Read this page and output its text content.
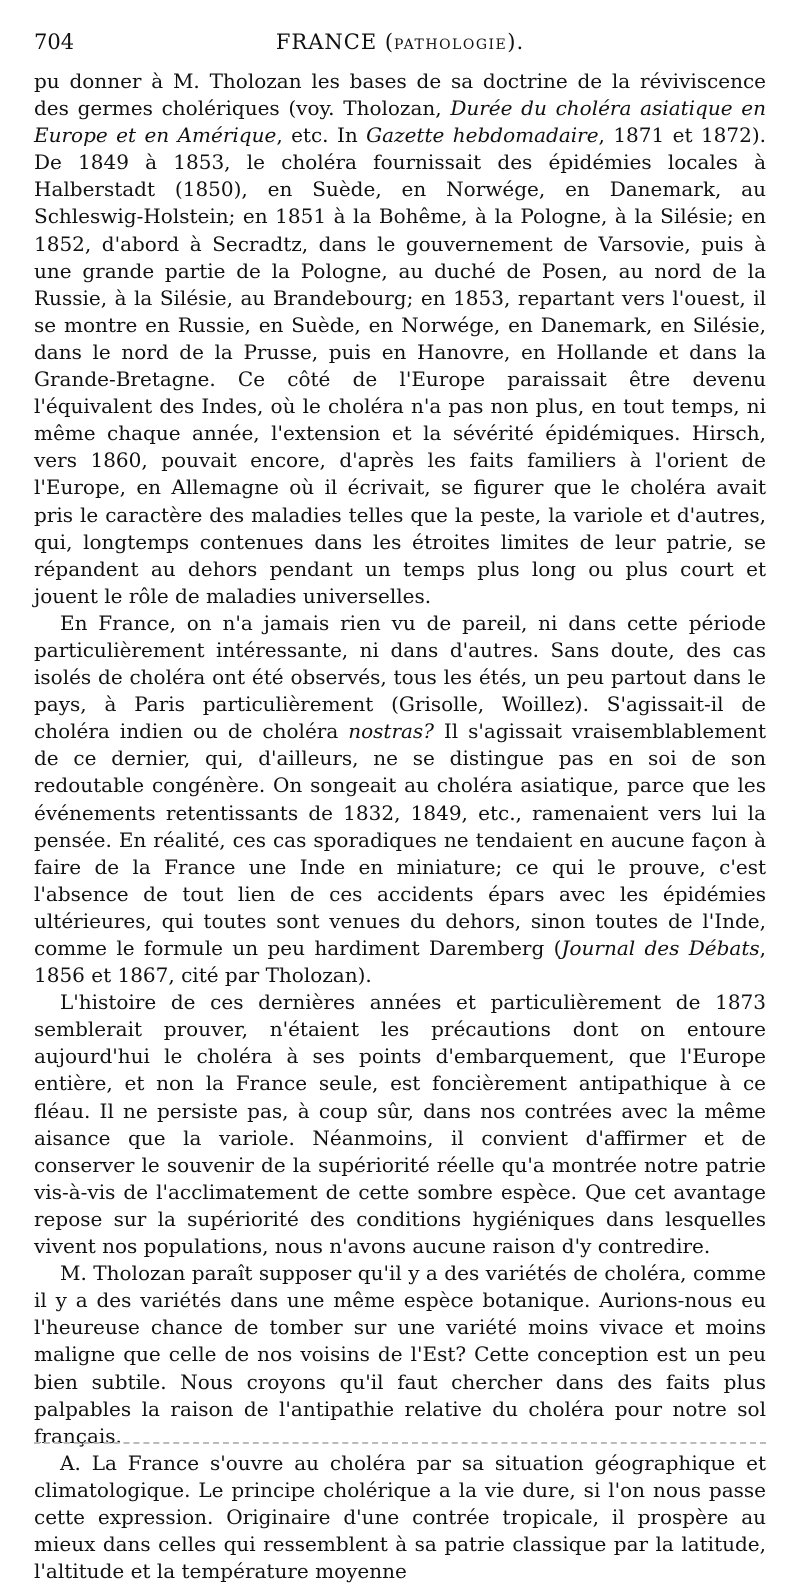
704	FRANCE (PATHOLOGIE).

pu donner à M. Tholozan les bases de sa doctrine de la réviviscence des germes cholériques (voy. Tholozan, Durée du choléra asiatique en Europe et en Amérique, etc. In Gazette hebdomadaire, 1871 et 1872). De 1849 à 1853, le choléra fournissait des épidémies locales à Halberstadt (1850), en Suède, en Norwége, en Danemark, au Schleswig-Holstein; en 1851 à la Bohême, à la Pologne, à la Silésie; en 1852, d'abord à Secradtz, dans le gouvernement de Varsovie, puis à une grande partie de la Pologne, au duché de Posen, au nord de la Russie, à la Silésie, au Brandebourg; en 1853, repartant vers l'ouest, il se montre en Russie, en Suède, en Norwége, en Danemark, en Silésie, dans le nord de la Prusse, puis en Hanovre, en Hollande et dans la Grande-Bretagne. Ce côté de l'Europe paraissait être devenu l'équivalent des Indes, où le choléra n'a pas non plus, en tout temps, ni même chaque année, l'extension et la sévérité épidémiques. Hirsch, vers 1860, pouvait encore, d'après les faits familiers à l'orient de l'Europe, en Allemagne où il écrivait, se figurer que le choléra avait pris le caractère des maladies telles que la peste, la variole et d'autres, qui, longtemps contenues dans les étroites limites de leur patrie, se répandent au dehors pendant un temps plus long ou plus court et jouent le rôle de maladies universelles.

En France, on n'a jamais rien vu de pareil, ni dans cette période particulièrement intéressante, ni dans d'autres. Sans doute, des cas isolés de choléra ont été observés, tous les étés, un peu partout dans le pays, à Paris particulièrement (Grisolle, Woillez). S'agissait-il de choléra indien ou de choléra nostras? Il s'agissait vraisemblablement de ce dernier, qui, d'ailleurs, ne se distingue pas en soi de son redoutable congénère. On songeait au choléra asiatique, parce que les événements retentissants de 1832, 1849, etc., ramenaient vers lui la pensée. En réalité, ces cas sporadiques ne tendaient en aucune façon à faire de la France une Inde en miniature; ce qui le prouve, c'est l'absence de tout lien de ces accidents épars avec les épidémies ultérieures, qui toutes sont venues du dehors, sinon toutes de l'Inde, comme le formule un peu hardiment Daremberg (Journal des Débats, 1856 et 1867, cité par Tholozan).

L'histoire de ces dernières années et particulièrement de 1873 semblerait prouver, n'étaient les précautions dont on entoure aujourd'hui le choléra à ses points d'embarquement, que l'Europe entière, et non la France seule, est foncièrement antipathique à ce fléau. Il ne persiste pas, à coup sûr, dans nos contrées avec la même aisance que la variole. Néanmoins, il convient d'affirmer et de conserver le souvenir de la supériorité réelle qu'a montrée notre patrie vis-à-vis de l'acclimatement de cette sombre espèce. Que cet avantage repose sur la supériorité des conditions hygiéniques dans lesquelles vivent nos populations, nous n'avons aucune raison d'y contredire.

M. Tholozan paraît supposer qu'il y a des variétés de choléra, comme il y a des variétés dans une même espèce botanique. Aurions-nous eu l'heureuse chance de tomber sur une variété moins vivace et moins maligne que celle de nos voisins de l'Est? Cette conception est un peu bien subtile. Nous croyons qu'il faut chercher dans des faits plus palpables la raison de l'antipathie relative du choléra pour notre sol français.

A. La France s'ouvre au choléra par sa situation géographique et climatologique. Le principe cholérique a la vie dure, si l'on nous passe cette expression. Originaire d'une contrée tropicale, il prospère au mieux dans celles qui ressemblent à sa patrie classique par la latitude, l'altitude et la température moyenne
